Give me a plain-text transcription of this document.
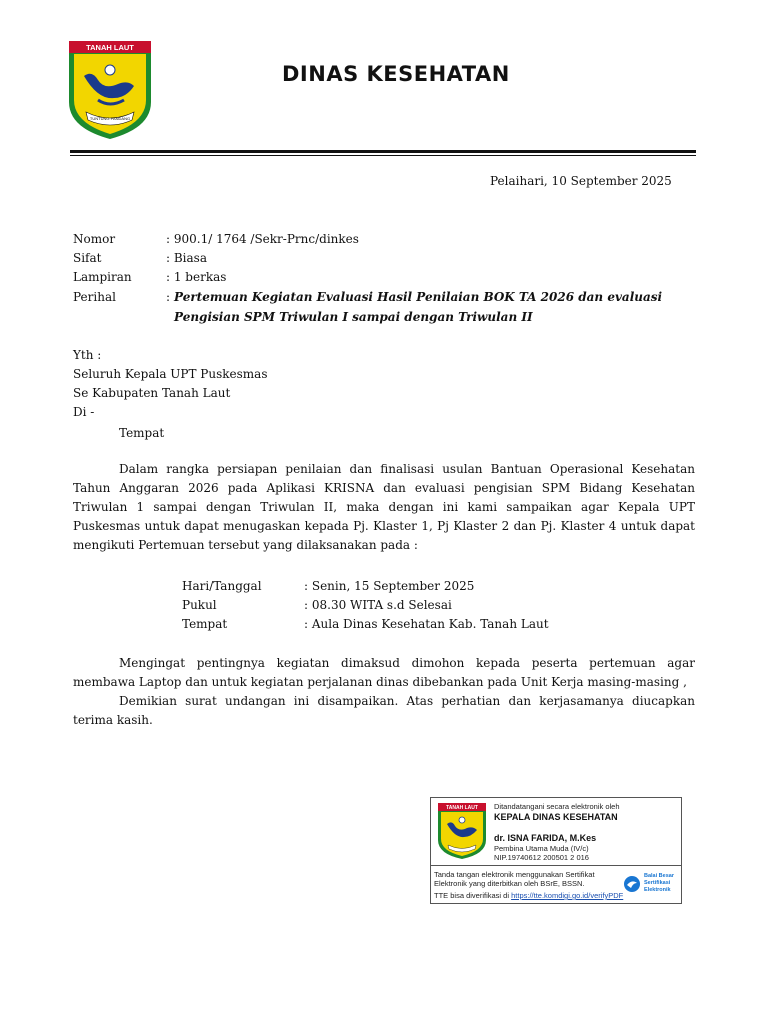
TANAH LAUT
TUNTUNG PANDANG
DINAS KESEHATAN
Pelaihari, 10 September 2025
Nomor	: 900.1/ 1764 /Sekr-Prnc/dinkes
Sifat	: Biasa
Lampiran	: 1 berkas
Perihal	: Pertemuan Kegiatan Evaluasi Hasil Penilaian BOK TA 2026 dan evaluasi
Pengisian SPM Triwulan I sampai dengan Triwulan II
Yth :
Seluruh Kepala UPT Puskesmas
Se Kabupaten Tanah Laut
Di -
Tempat
Dalam rangka persiapan penilaian dan finalisasi usulan Bantuan Operasional Kesehatan Tahun Anggaran 2026 pada Aplikasi KRISNA dan evaluasi pengisian SPM Bidang Kesehatan Triwulan 1 sampai dengan Triwulan II, maka dengan ini kami sampaikan agar Kepala UPT Puskesmas untuk dapat menugaskan kepada Pj. Klaster 1, Pj Klaster 2 dan Pj. Klaster 4 untuk dapat mengikuti Pertemuan tersebut yang dilaksanakan pada :
Hari/Tanggal	: Senin, 15 September 2025
Pukul	: 08.30 WITA s.d Selesai
Tempat	: Aula Dinas Kesehatan Kab. Tanah Laut
Mengingat pentingnya kegiatan dimaksud dimohon kepada peserta pertemuan agar membawa Laptop dan untuk kegiatan perjalanan dinas dibebankan pada Unit Kerja masing-masing ,
Demikian surat undangan ini disampaikan. Atas perhatian dan kerjasamanya diucapkan terima kasih.
TANAH LAUT Ditandatangani secara elektronik oleh
KEPALA DINAS KESEHATAN
dr. ISNA FARIDA, M.Kes
Pembina Utama Muda (IV/c)
NIP.19740612 200501 2 016
Tanda tangan elektronik menggunakan Sertifikat
Elektronik yang diterbitkan oleh BSrE, BSSN.
TTE bisa diverifikasi di https://tte.komdigi.go.id/verifyPDF
Balai Besar
Sertifikasi
Elektronik
